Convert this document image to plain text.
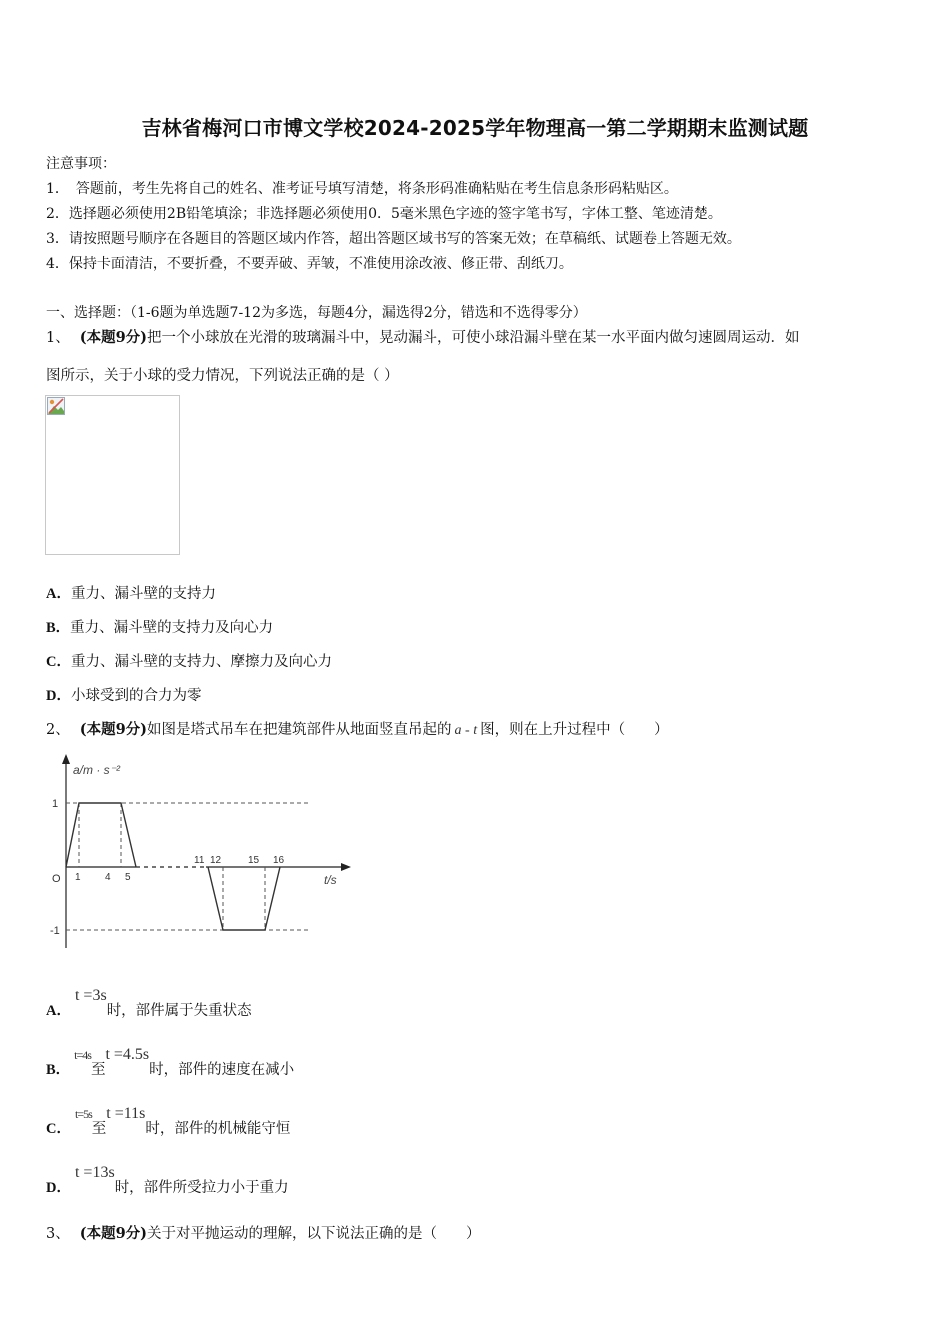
吉林省梅河口市博文学校2024-2025学年物理高一第二学期期末监测试题
注意事项：
1．　答题前，考生先将自己的姓名、准考证号填写清楚，将条形码准确粘贴在考生信息条形码粘贴区。
2．选择题必须使用2B铅笔填涂；非选择题必须使用0．5毫米黑色字迹的签字笔书写，字体工整、笔迹清楚。
3．请按照题号顺序在各题目的答题区域内作答，超出答题区域书写的答案无效；在草稿纸、试题卷上答题无效。
4．保持卡面清洁，不要折叠，不要弄破、弄皱，不准使用涂改液、修正带、刮纸刀。
一、选择题：（1-6题为单选题7-12为多选，每题4分，漏选得2分，错选和不选得零分）
1、 (本题9分)把一个小球放在光滑的玻璃漏斗中，晃动漏斗，可使小球沿漏斗壁在某一水平面内做匀速圆周运动．如
图所示，关于小球的受力情况，下列说法正确的是（ ）
A．重力、漏斗壁的支持力
B．重力、漏斗壁的支持力及向心力
C．重力、漏斗壁的支持力、摩擦力及向心力
D．小球受到的合力为零
2、 (本题9分)如图是塔式吊车在把建筑部件从地面竖直吊起的 a - t 图，则在上升过程中（　　）
a/m · s⁻²
t/s
O
1
-1
1 4 5
11 12	15 16
A．t =3s时，部件属于失重状态
B．t=4s至t =4.5s时，部件的速度在减小
C．t=5s至t =11s时，部件的机械能守恒
D．t =13s时，部件所受拉力小于重力
3、 (本题9分)关于对平抛运动的理解，以下说法正确的是（　　）
